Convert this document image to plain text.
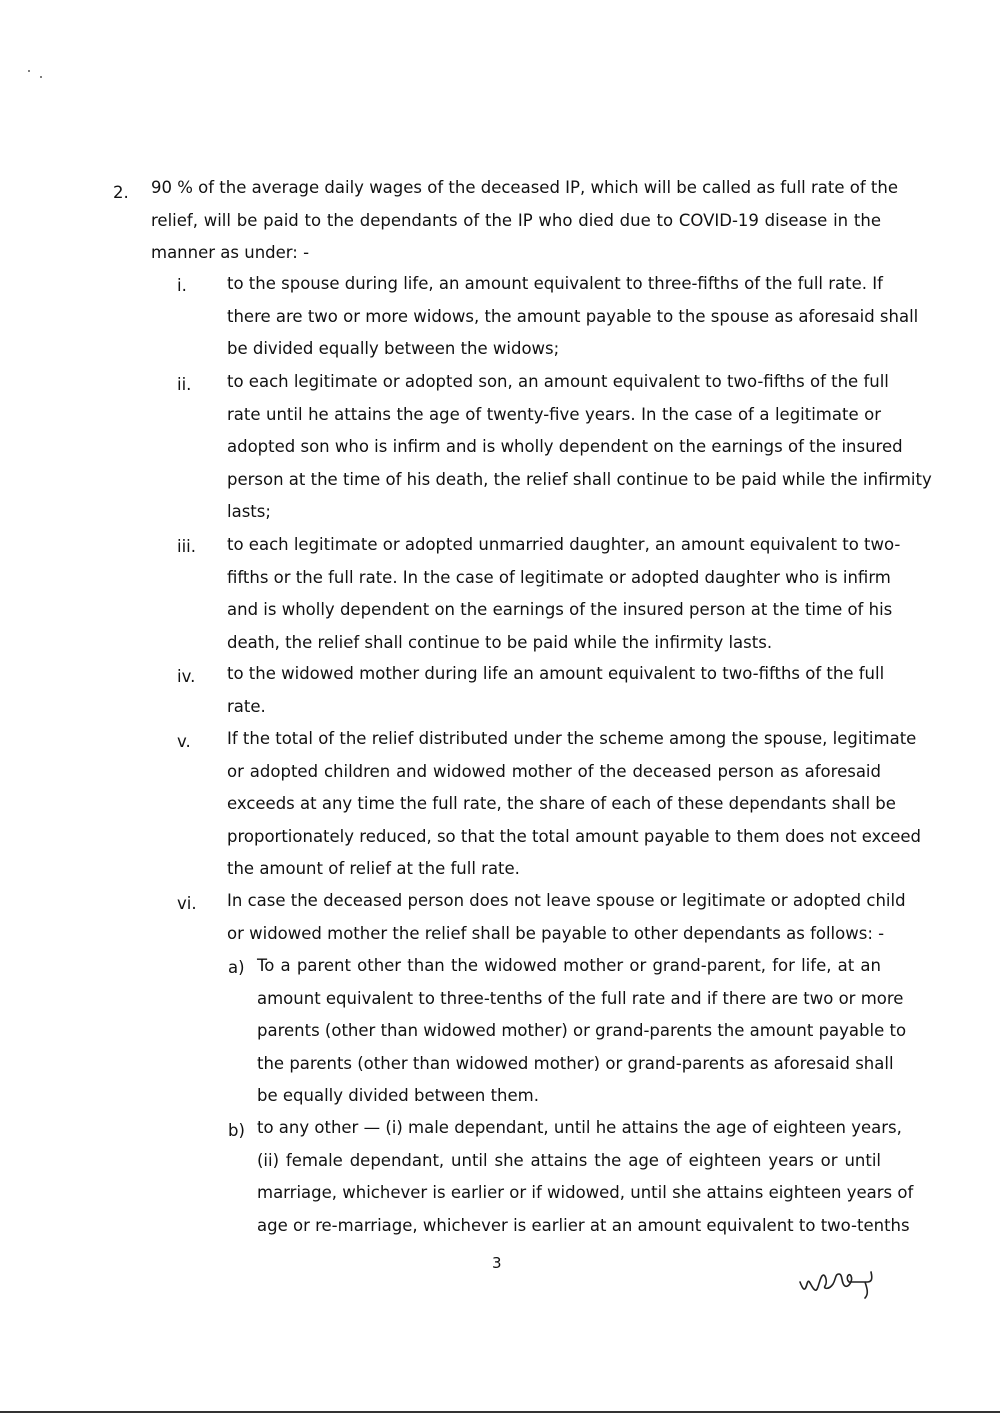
2. 90 % of the average daily wages of the deceased IP, which will be called as full rate of the
relief, will be paid to the dependants of the IP who died due to COVID-19 disease in the
manner as under: -
i.	to the spouse during life, an amount equivalent to three-fifths of the full rate. If
there are two or more widows, the amount payable to the spouse as aforesaid shall
be divided equally between the widows;
ii.	to each legitimate or adopted son, an amount equivalent to two-fifths of the full
rate until he attains the age of twenty-five years. In the case of a legitimate or
adopted son who is infirm and is wholly dependent on the earnings of the insured
person at the time of his death, the relief shall continue to be paid while the infirmity
lasts;
iii.	to each legitimate or adopted unmarried daughter, an amount equivalent to two-
fifths or the full rate. In the case of legitimate or adopted daughter who is infirm
and is wholly dependent on the earnings of the insured person at the time of his
death, the relief shall continue to be paid while the infirmity lasts.
iv.	to the widowed mother during life an amount equivalent to two-fifths of the full
rate.
v.	If the total of the relief distributed under the scheme among the spouse, legitimate
or adopted children and widowed mother of the deceased person as aforesaid
exceeds at any time the full rate, the share of each of these dependants shall be
proportionately reduced, so that the total amount payable to them does not exceed
the amount of relief at the full rate.
vi.	In case the deceased person does not leave spouse or legitimate or adopted child
or widowed mother the relief shall be payable to other dependants as follows: -
a) To a parent other than the widowed mother or grand-parent, for life, at an
amount equivalent to three-tenths of the full rate and if there are two or more
parents (other than widowed mother) or grand-parents the amount payable to
the parents (other than widowed mother) or grand-parents as aforesaid shall
be equally divided between them.
b) to any other — (i) male dependant, until he attains the age of eighteen years,
(ii) female dependant, until she attains the age of eighteen years or until
marriage, whichever is earlier or if widowed, until she attains eighteen years of
age or re-marriage, whichever is earlier at an amount equivalent to two-tenths
3
